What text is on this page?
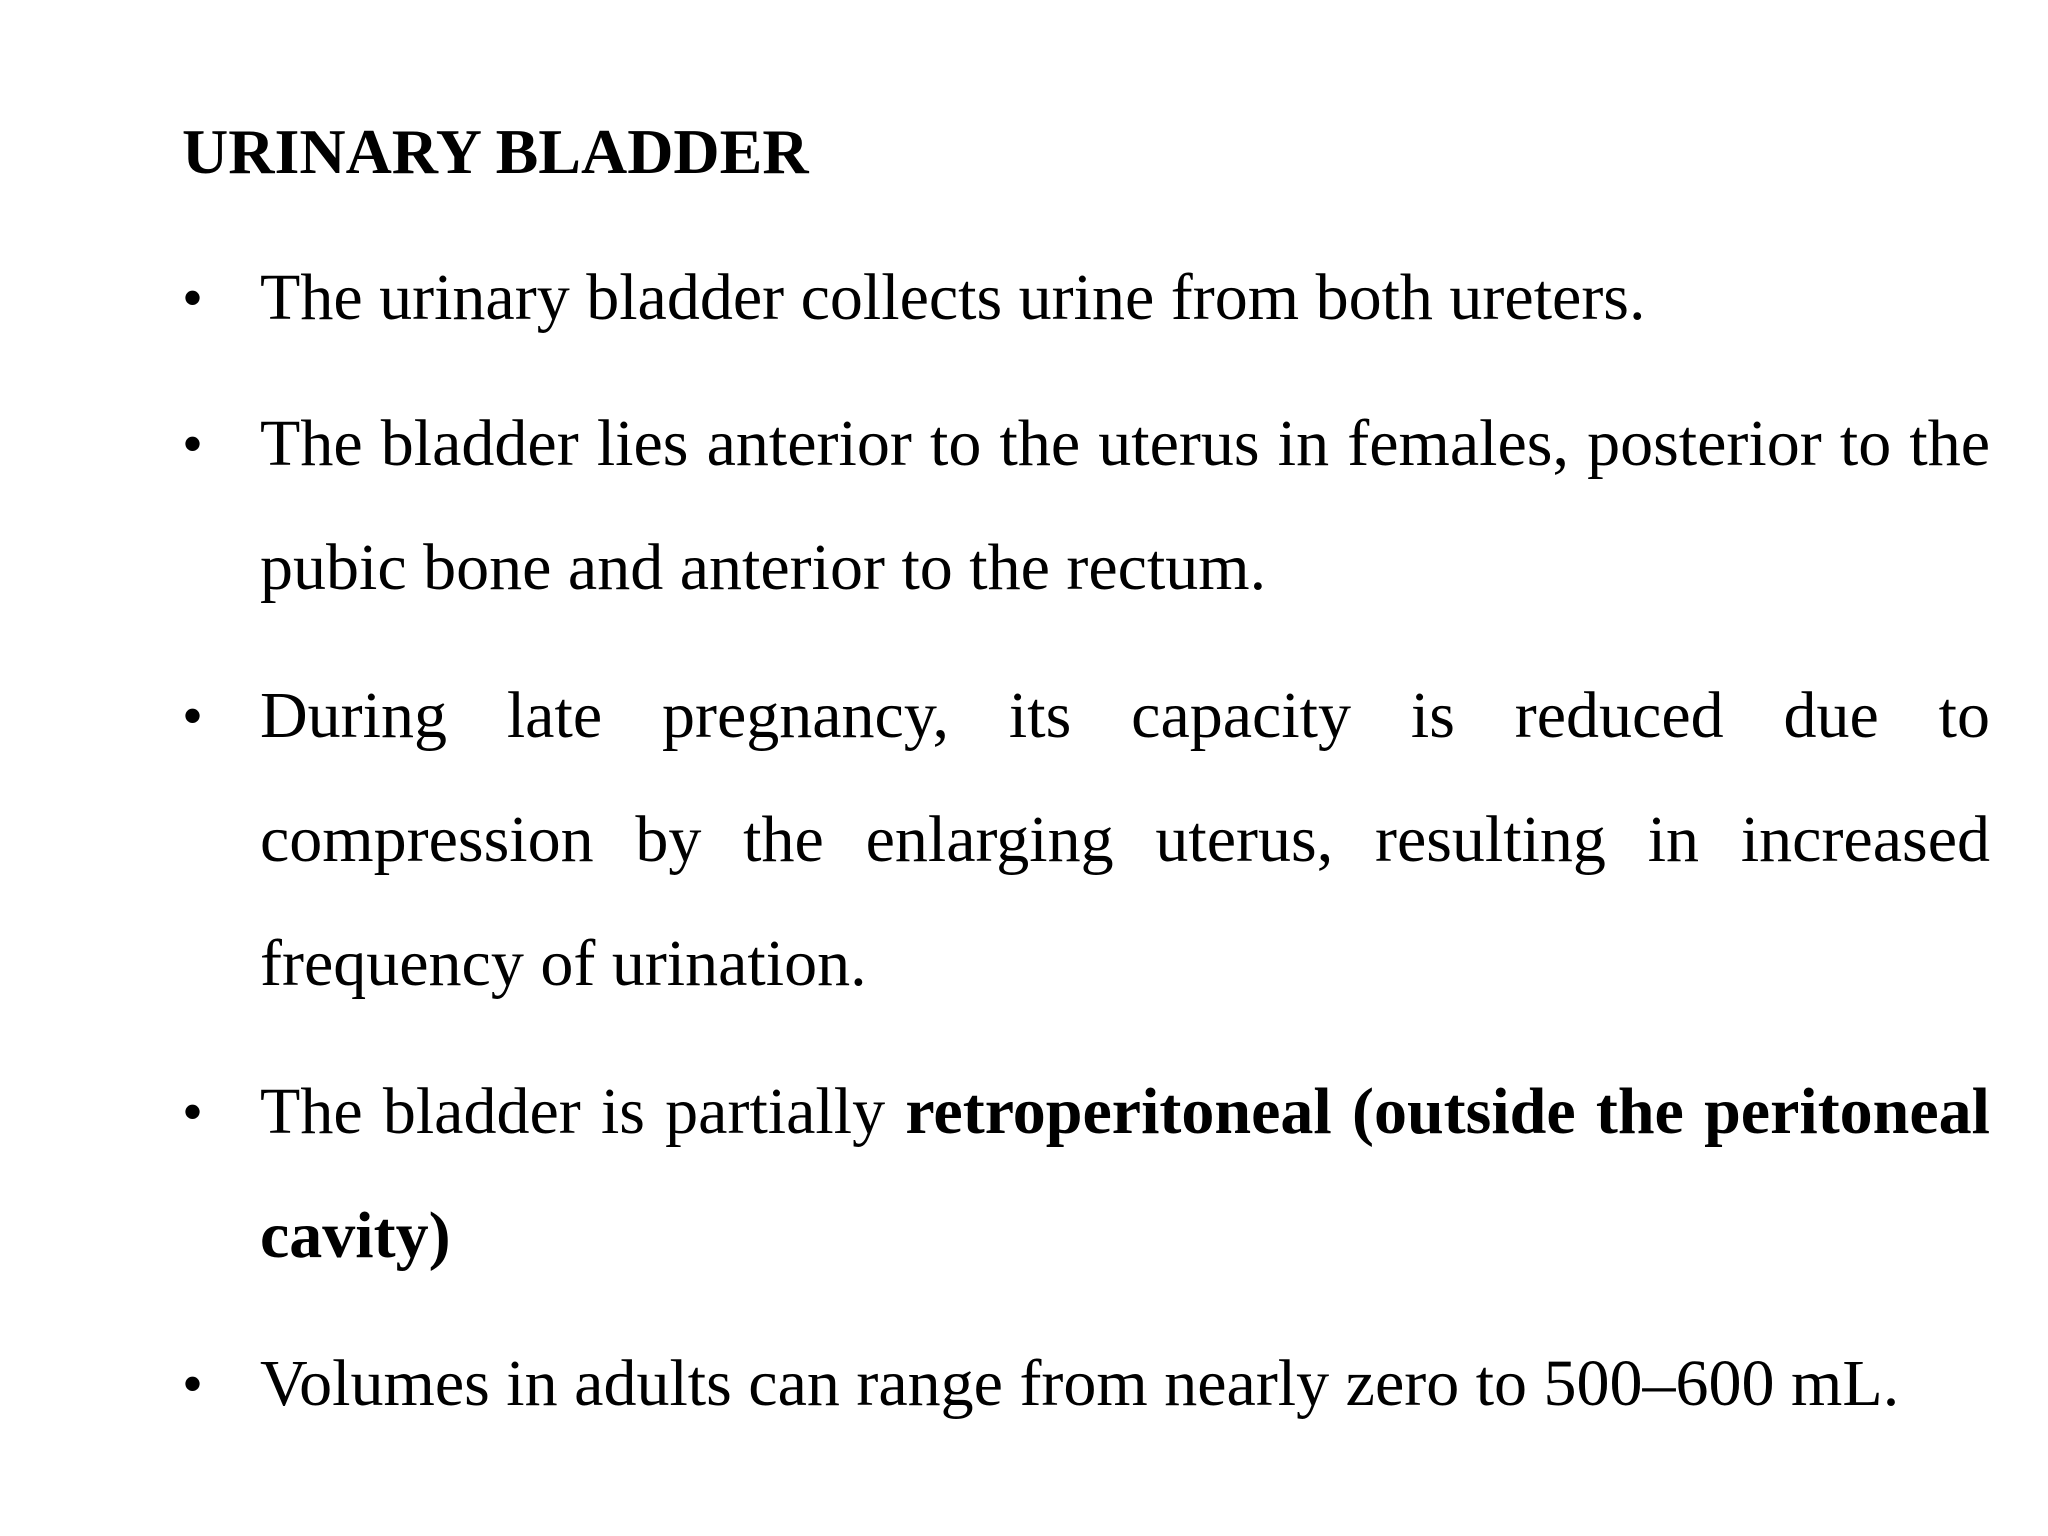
URINARY BLADDER
• The urinary bladder collects urine from both ureters.
• The bladder lies anterior to the uterus in females, posterior to the pubic bone and anterior to the rectum.
• During late pregnancy, its capacity is reduced due to compression by the enlarging uterus, resulting in increased frequency of urination.
• The bladder is partially retroperitoneal (outside the peritoneal cavity)
• Volumes in adults can range from nearly zero to 500–600 mL.
